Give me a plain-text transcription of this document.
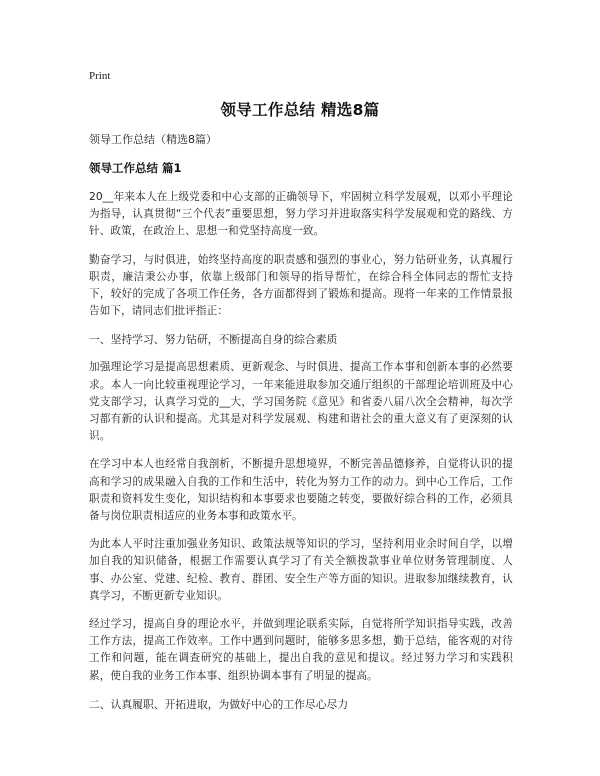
Print
领导工作总结 精选8篇

领导工作总结（精选8篇）

领导工作总结 篇1

20__年来本人在上级党委和中心支部的正确领导下，牢固树立科学发展观，以邓小平理论为指导，认真贯彻“三个代表”重要思想，努力学习并进取落实科学发展观和党的路线、方针、政策，在政治上、思想一和党坚持高度一致。

勤奋学习，与时俱进，始终坚持高度的职责感和强烈的事业心，努力钻研业务，认真履行职责，廉洁秉公办事，依靠上级部门和领导的指导帮忙，在综合科全体同志的帮忙支持下，较好的完成了各项工作任务，各方面都得到了锻炼和提高。现将一年来的工作情景报告如下，请同志们批评指正：

一、坚持学习、努力钻研，不断提高自身的综合素质

加强理论学习是提高思想素质、更新观念、与时俱进、提高工作本事和创新本事的必然要求。本人一向比较重视理论学习，一年来能进取参加交通厅组织的干部理论培训班及中心党支部学习，认真学习党的__大，学习国务院《意见》和省委八届八次全会精神，每次学习都有新的认识和提高。尤其是对科学发展观、构建和谐社会的重大意义有了更深刻的认识。

在学习中本人也经常自我剖析，不断提升思想境界，不断完善品德修养，自觉将认识的提高和学习的成果融入自我的工作和生活中，转化为努力工作的动力。到中心工作后，工作职责和资料发生变化，知识结构和本事要求也要随之转变，要做好综合科的工作，必须具备与岗位职责相适应的业务本事和政策水平。

为此本人平时注重加强业务知识、政策法规等知识的学习，坚持利用业余时间自学，以增加自我的知识储备，根据工作需要认真学习了有关全额拨款事业单位财务管理制度、人事、办公室、党建、纪检、教育、群团、安全生产等方面的知识。进取参加继续教育，认真学习，不断更新专业知识。

经过学习，提高自身的理论水平，并做到理论联系实际，自觉将所学知识指导实践，改善工作方法，提高工作效率。工作中遇到问题时，能够多思多想，勤于总结，能客观的对待工作和问题，能在调查研究的基础上，提出自我的意见和提议。经过努力学习和实践积累，使自我的业务工作本事、组织协调本事有了明显的提高。

二、认真履职、开拓进取，为做好中心的工作尽心尽力
